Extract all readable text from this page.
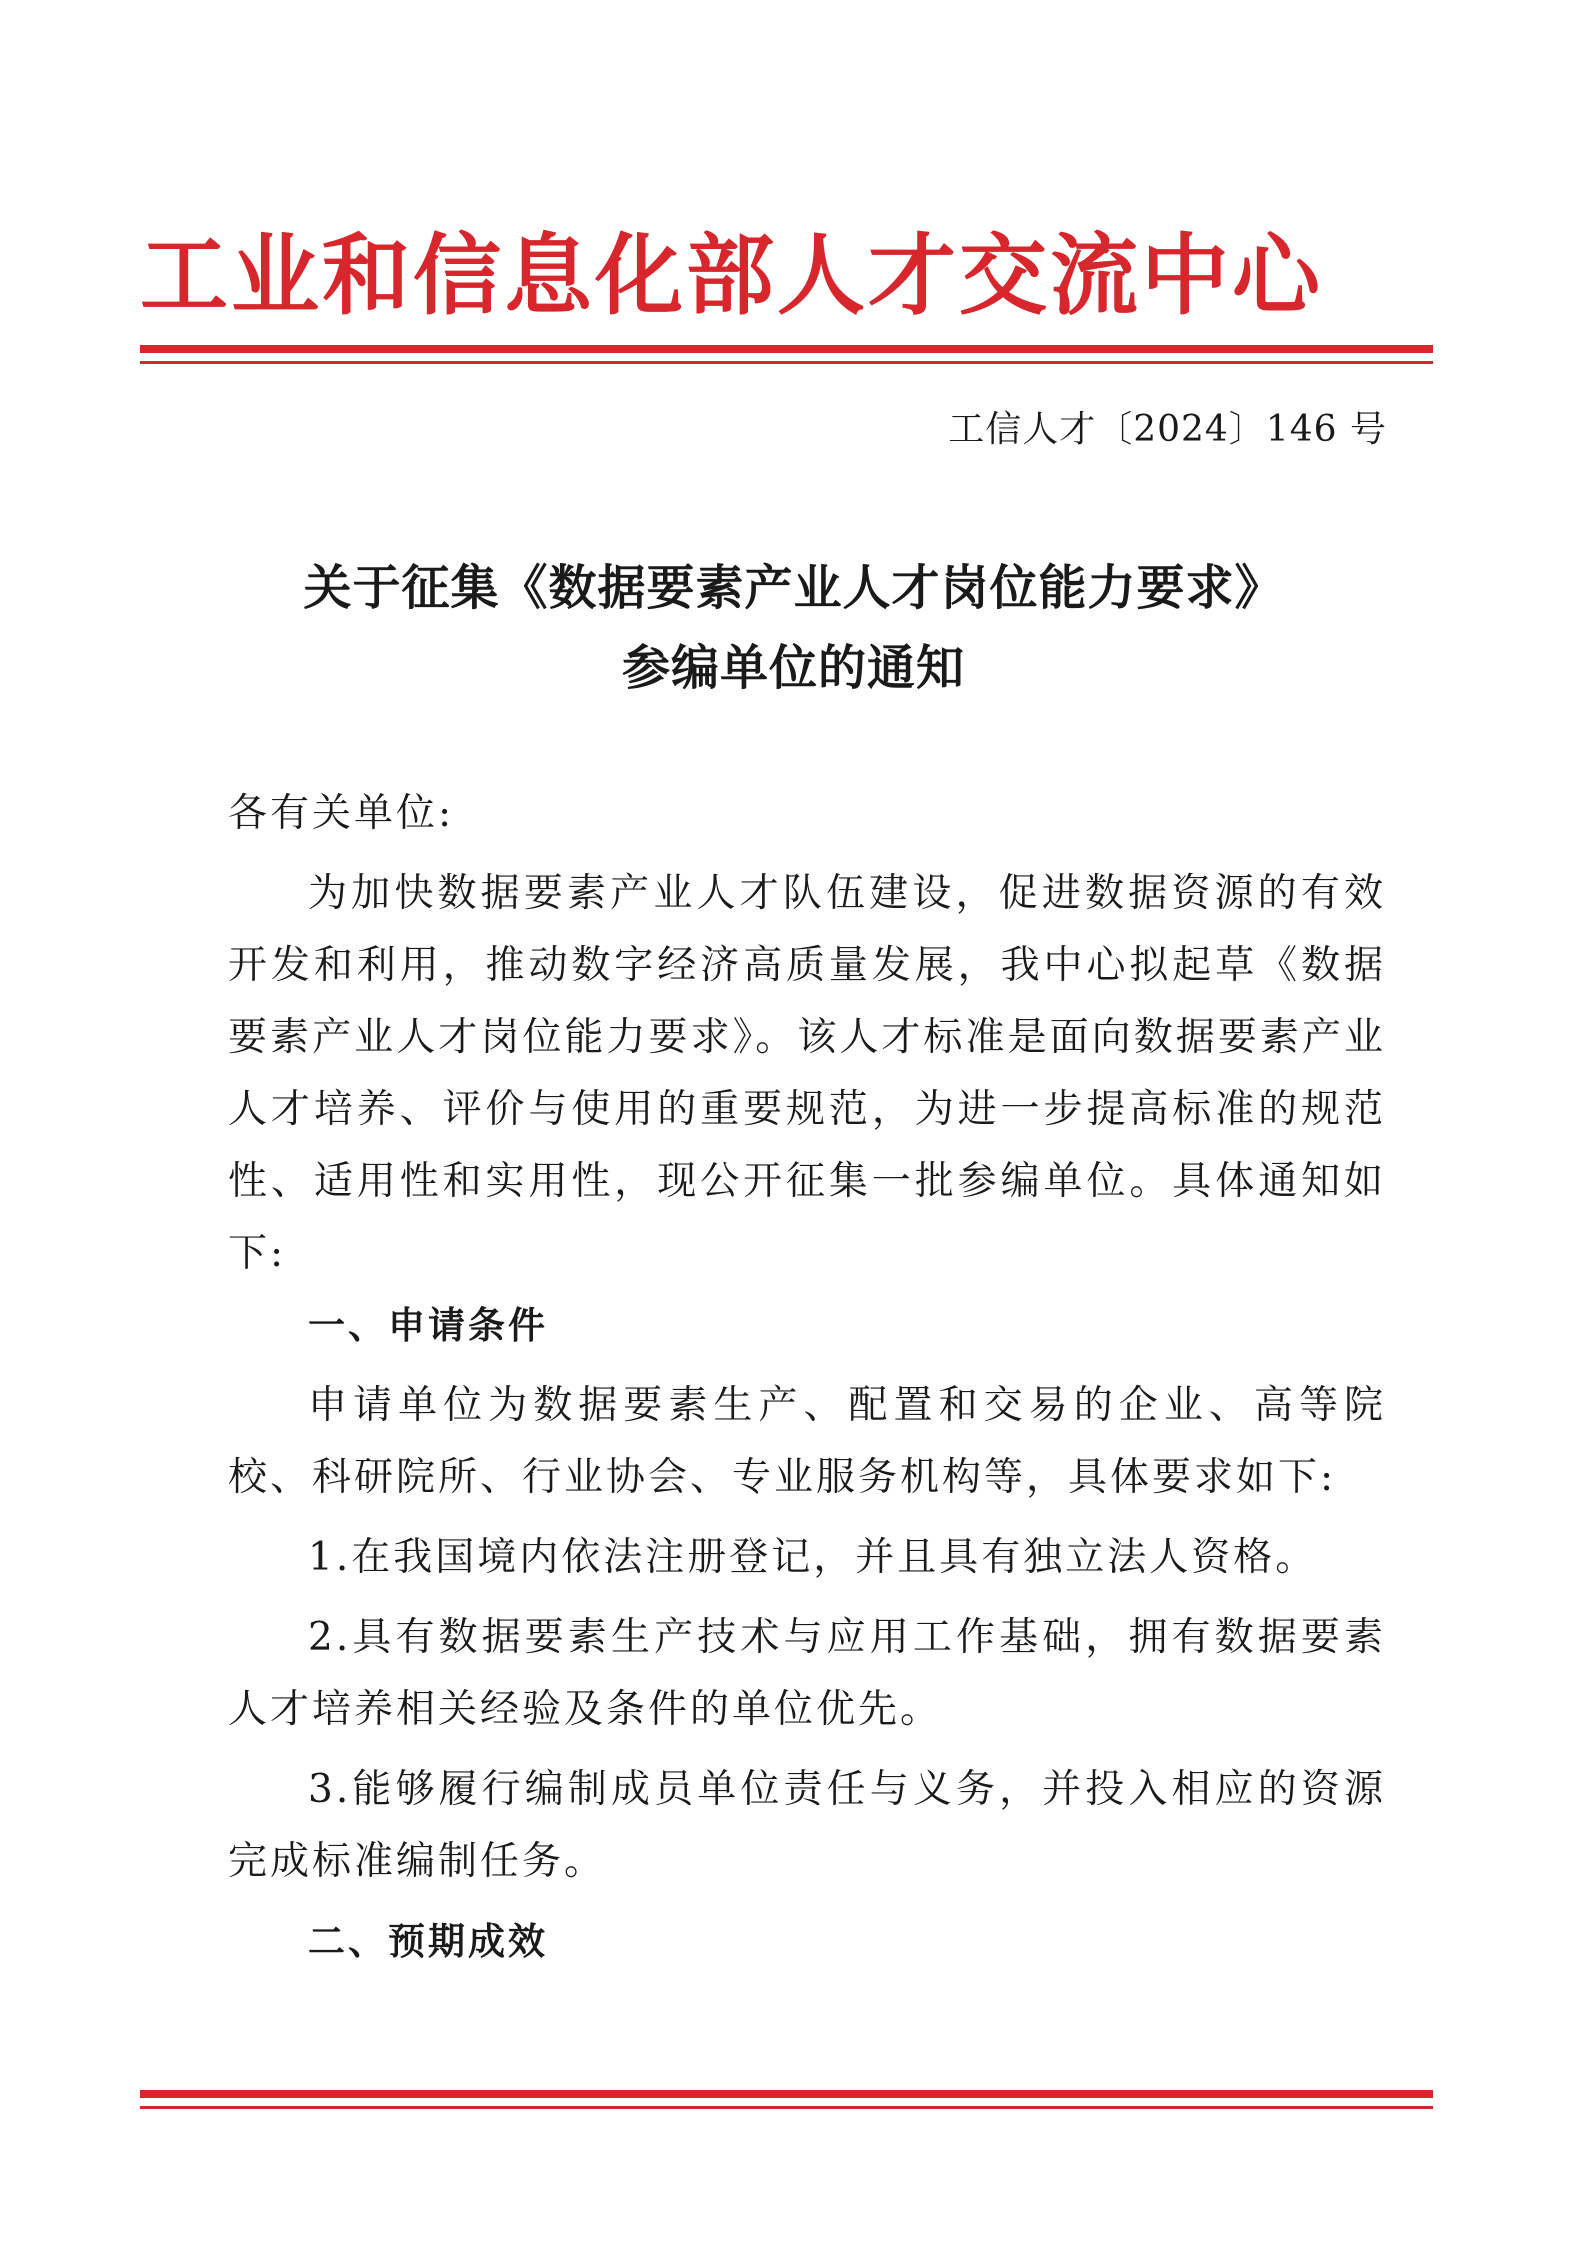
工业和信息化部人才交流中心
工信人才〔2024〕146 号
关于征集《数据要素产业人才岗位能力要求》
参编单位的通知

各有关单位:

为加快数据要素产业人才队伍建设，促进数据资源的有效开发和利用，推动数字经济高质量发展，我中心拟起草《数据要素产业人才岗位能力要求》。该人才标准是面向数据要素产业人才培养、评价与使用的重要规范，为进一步提高标准的规范性、适用性和实用性，现公开征集一批参编单位。具体通知如下:

一、申请条件

申请单位为数据要素生产、配置和交易的企业、高等院校、科研院所、行业协会、专业服务机构等，具体要求如下:

1.在我国境内依法注册登记，并且具有独立法人资格。

2.具有数据要素生产技术与应用工作基础，拥有数据要素人才培养相关经验及条件的单位优先。

3.能够履行编制成员单位责任与义务，并投入相应的资源完成标准编制任务。

二、预期成效
